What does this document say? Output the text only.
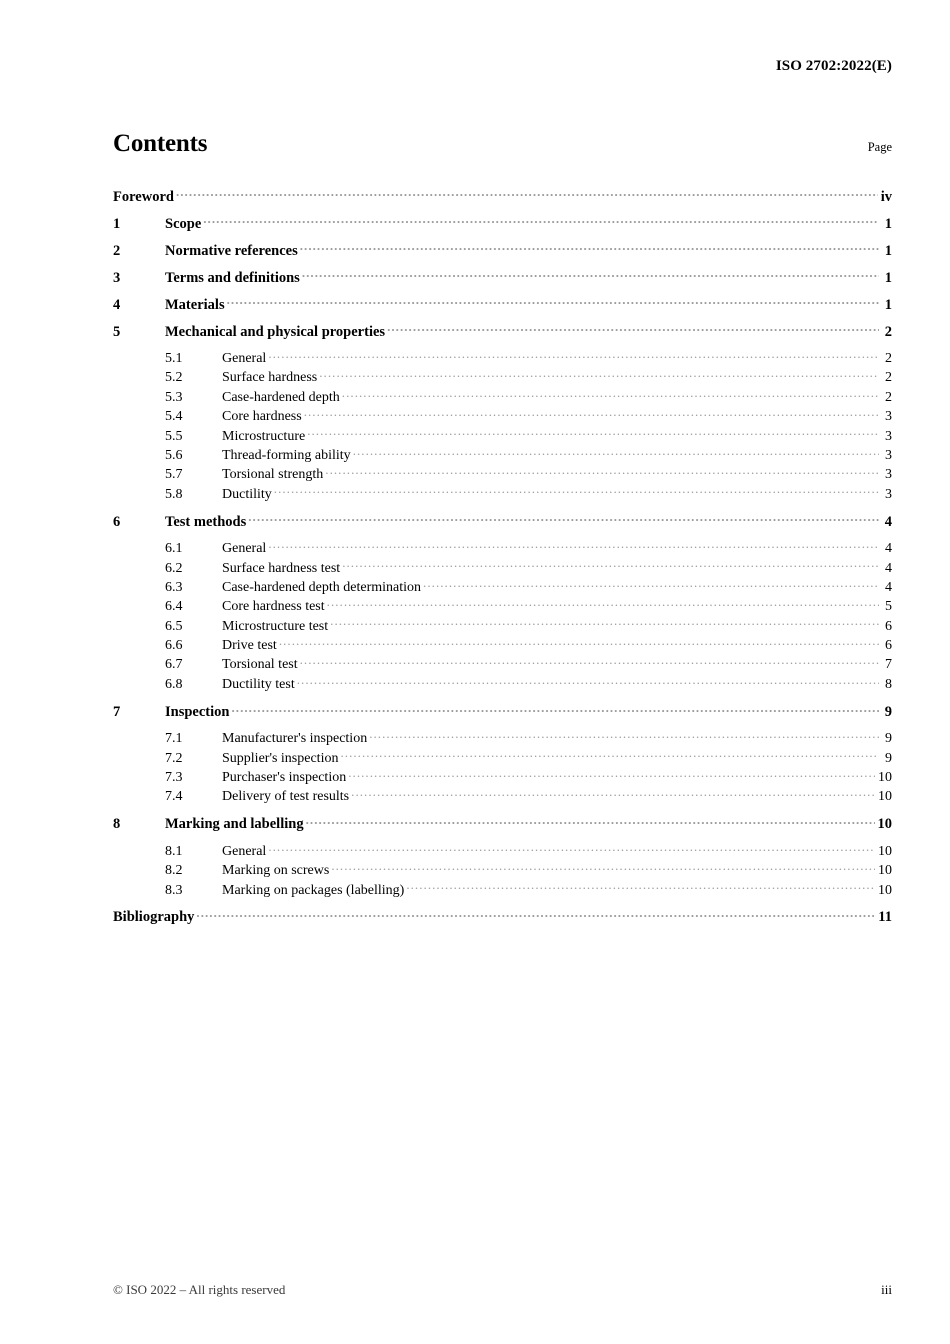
ISO 2702:2022(E)
Contents	Page
Foreword .....	iv
1	Scope .....	1
2	Normative references .....	1
3	Terms and definitions .....	1
4	Materials .....	1
5	Mechanical and physical properties .....	2
5.1	General .....	2
5.2	Surface hardness .....	2
5.3	Case-hardened depth .....	2
5.4	Core hardness .....	3
5.5	Microstructure .....	3
5.6	Thread-forming ability .....	3
5.7	Torsional strength .....	3
5.8	Ductility .....	3
6	Test methods .....	4
6.1	General .....	4
6.2	Surface hardness test .....	4
6.3	Case-hardened depth determination .....	4
6.4	Core hardness test .....	5
6.5	Microstructure test .....	6
6.6	Drive test .....	6
6.7	Torsional test .....	7
6.8	Ductility test .....	8
7	Inspection .....	9
7.1	Manufacturer's inspection .....	9
7.2	Supplier's inspection .....	9
7.3	Purchaser's inspection .....	10
7.4	Delivery of test results .....	10
8	Marking and labelling .....	10
8.1	General .....	10
8.2	Marking on screws .....	10
8.3	Marking on packages (labelling) .....	10
Bibliography .....	11
© ISO 2022 – All rights reserved	iii
